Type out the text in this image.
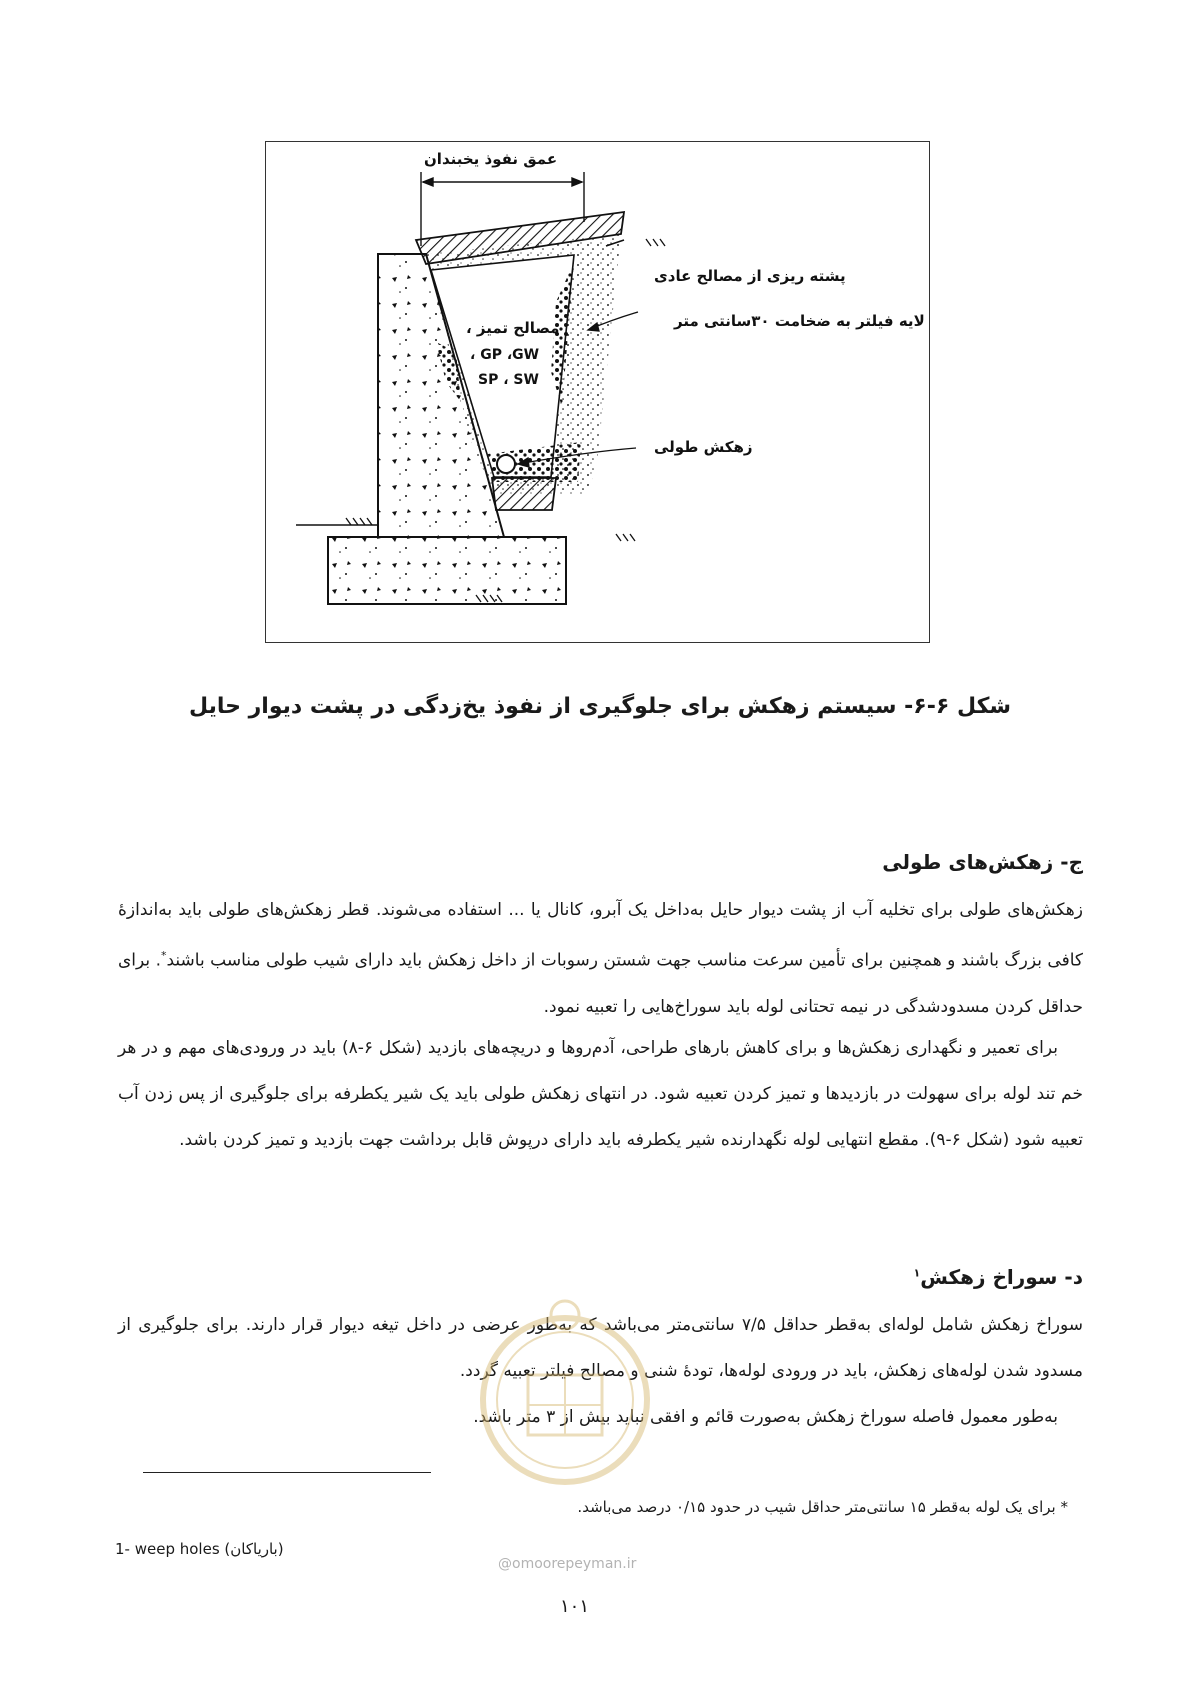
عمق نفوذ یخبندان
پشته ریزی از مصالح عادی
لایه فیلتر به ضخامت ۳۰سانتی متر
مصالح تمیز ،
GP ،GW ،
SP ، SW
زهکش طولی
شکل ۶-۶- سیستم زهکش برای جلوگیری از نفوذ یخ‌زدگی در پشت دیوار حایل
ج- زهکش‌های طولی
زهکش‌های طولی برای تخلیه آب از پشت دیوار حایل به‌داخل یک آبرو، کانال یا ... استفاده می‌شوند. قطر زهکش‌های طولی باید به‌اندازهٔ کافی بزرگ باشند و همچنین برای تأمین سرعت مناسب جهت شستن رسوبات از داخل زهکش باید دارای شیب طولی مناسب باشند*. برای حداقل کردن مسدودشدگی در نیمه تحتانی لوله باید سوراخ‌هایی را تعبیه نمود.
برای تعمیر و نگهداری زهکش‌ها و برای کاهش بارهای طراحی، آدم‌روها و دریچه‌های بازدید (شکل ۶-۸) باید در ورودی‌های مهم و در هر خم تند لوله برای سهولت در بازدیدها و تمیز کردن تعبیه شود. در انتهای زهکش طولی باید یک شیر یکطرفه برای جلوگیری از پس زدن آب تعبیه شود (شکل ۶-۹). مقطع انتهایی لوله نگهدارنده شیر یکطرفه باید دارای درپوش قابل برداشت جهت بازدید و تمیز کردن باشد.
د- سوراخ زهکش$^۱$
سوراخ زهکش شامل لوله‌ای به‌قطر حداقل ۷/۵ سانتی‌متر می‌باشد که به‌طور عرضی در داخل تیغه دیوار قرار دارند. برای جلوگیری از مسدود شدن لوله‌های زهکش، باید در ورودی لوله‌ها، تودهٔ شنی و مصالح فیلتر تعبیه گردد.
به‌طور معمول فاصله سوراخ زهکش به‌صورت قائم و افقی نباید بیش از ۳ متر باشد.
* برای یک لوله به‌قطر ۱۵ سانتی‌متر حداقل شیب در حدود ۰/۱۵ درصد می‌باشد.
1- weep holes (باریاکان)
@omoorepeyman.ir
۱۰۱
